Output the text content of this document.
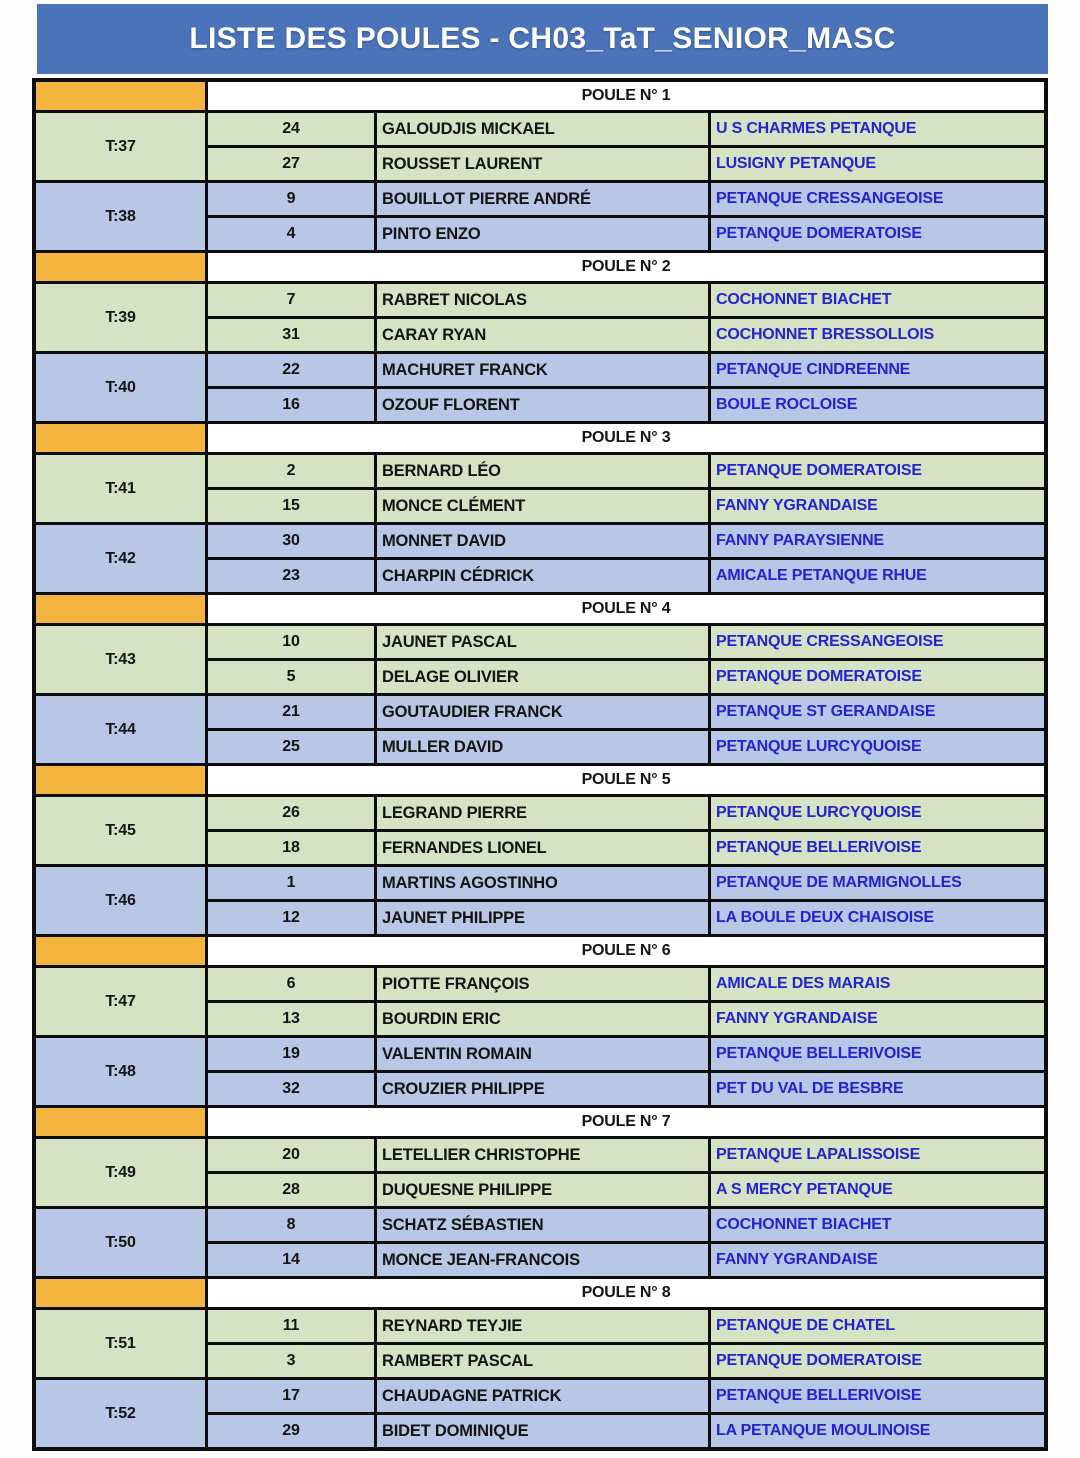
LISTE DES POULES - CH03_TaT_SENIOR_MASC
POULE N° 1
T:37
24	GALOUDJIS MICKAEL	U S CHARMES PETANQUE
27	ROUSSET LAURENT	LUSIGNY PETANQUE
T:38
9	BOUILLOT PIERRE ANDRÉ	PETANQUE CRESSANGEOISE
4	PINTO ENZO	PETANQUE DOMERATOISE
POULE N° 2
T:39
7	RABRET NICOLAS	COCHONNET BIACHET
31	CARAY RYAN	COCHONNET BRESSOLLOIS
T:40
22	MACHURET FRANCK	PETANQUE CINDREENNE
16	OZOUF FLORENT	BOULE ROCLOISE
POULE N° 3
T:41
2	BERNARD LÉO	PETANQUE DOMERATOISE
15	MONCE CLÉMENT	FANNY YGRANDAISE
T:42
30	MONNET DAVID	FANNY PARAYSIENNE
23	CHARPIN CÉDRICK	AMICALE PETANQUE RHUE
POULE N° 4
T:43
10	JAUNET PASCAL	PETANQUE CRESSANGEOISE
5	DELAGE OLIVIER	PETANQUE DOMERATOISE
T:44
21	GOUTAUDIER FRANCK	PETANQUE ST GERANDAISE
25	MULLER DAVID	PETANQUE LURCYQUOISE
POULE N° 5
T:45
26	LEGRAND PIERRE	PETANQUE LURCYQUOISE
18	FERNANDES LIONEL	PETANQUE BELLERIVOISE
T:46
1	MARTINS AGOSTINHO	PETANQUE DE MARMIGNOLLES
12	JAUNET PHILIPPE	LA BOULE DEUX CHAISOISE
POULE N° 6
T:47
6	PIOTTE FRANÇOIS	AMICALE DES MARAIS
13	BOURDIN ERIC	FANNY YGRANDAISE
T:48
19	VALENTIN ROMAIN	PETANQUE BELLERIVOISE
32	CROUZIER PHILIPPE	PET DU VAL DE BESBRE
POULE N° 7
T:49
20	LETELLIER CHRISTOPHE	PETANQUE LAPALISSOISE
28	DUQUESNE PHILIPPE	A S MERCY PETANQUE
T:50
8	SCHATZ SÉBASTIEN	COCHONNET BIACHET
14	MONCE JEAN-FRANCOIS	FANNY YGRANDAISE
POULE N° 8
T:51
11	REYNARD TEYJIE	PETANQUE DE CHATEL
3	RAMBERT PASCAL	PETANQUE DOMERATOISE
T:52
17	CHAUDAGNE PATRICK	PETANQUE BELLERIVOISE
29	BIDET DOMINIQUE	LA PETANQUE MOULINOISE
